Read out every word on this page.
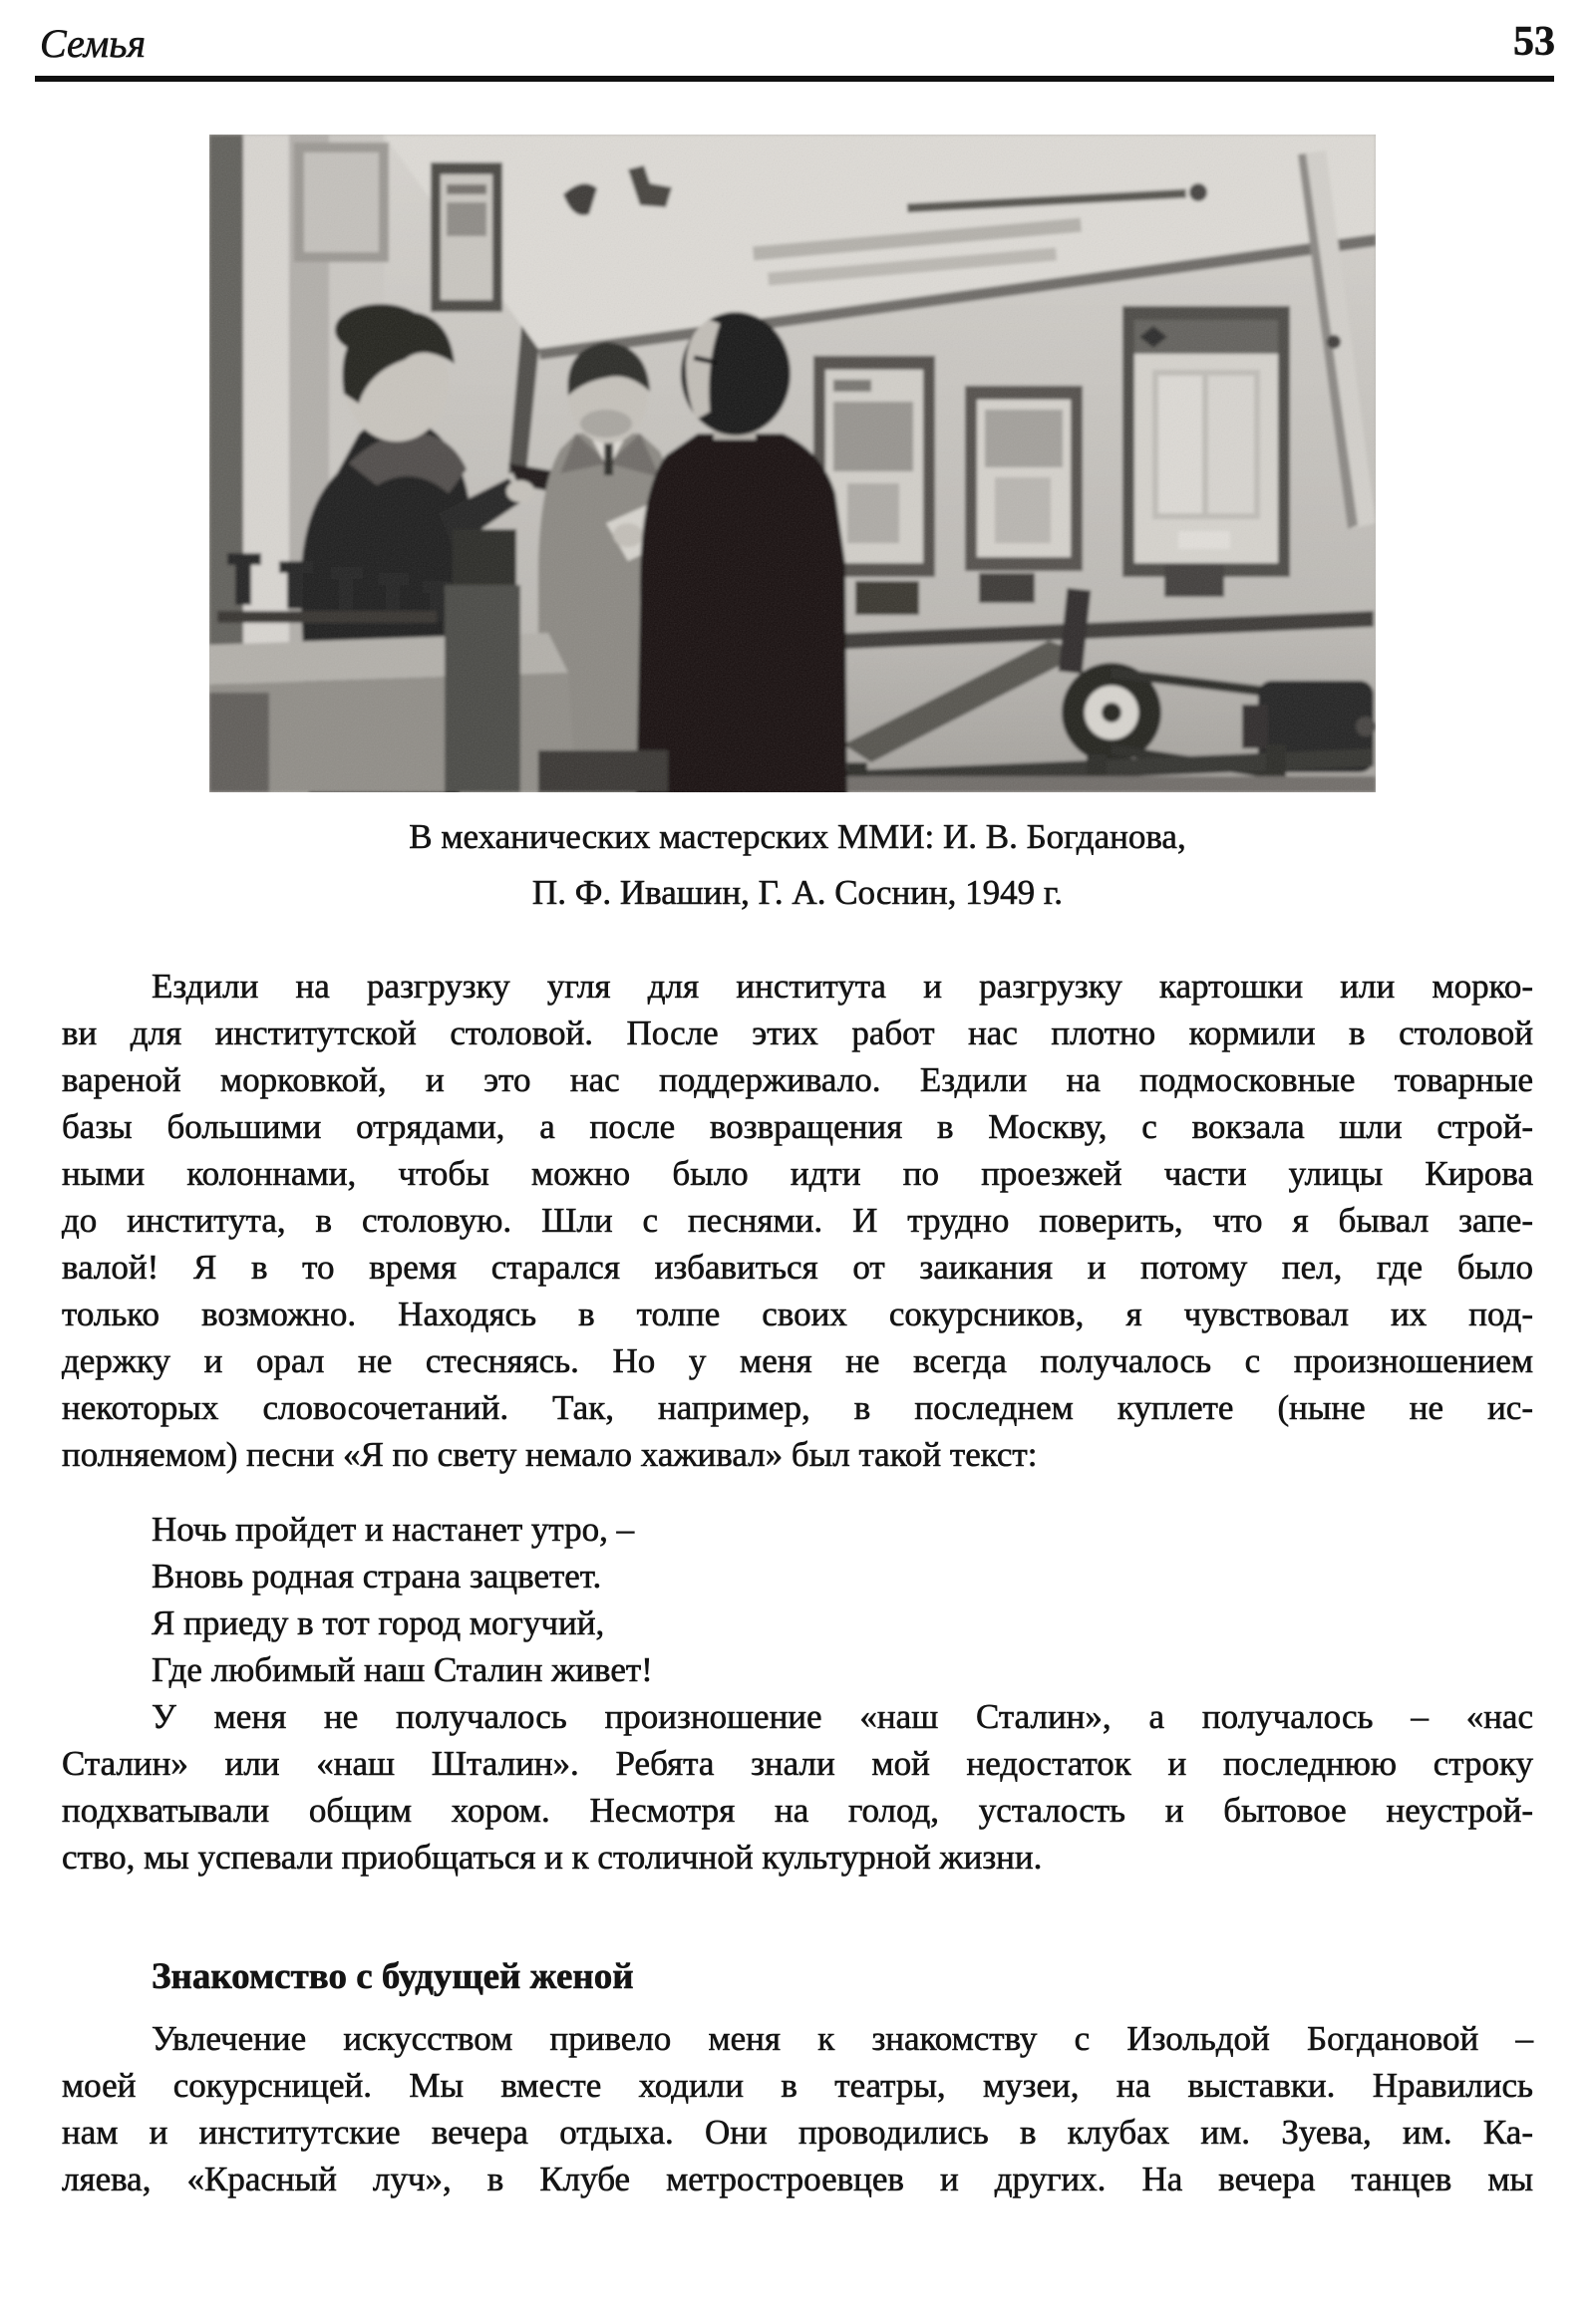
Семья	53
В механических мастерских ММИ: И. В. Богданова,
П. Ф. Ивашин, Г. А. Соснин, 1949 г.
Ездили на разгрузку угля для института и разгрузку картошки или морко-
ви для институтской столовой. После этих работ нас плотно кормили в столовой
вареной морковкой, и это нас поддерживало. Ездили на подмосковные товарные
базы большими отрядами, а после возвращения в Москву, с вокзала шли строй-
ными колоннами, чтобы можно было идти по проезжей части улицы Кирова
до института, в столовую. Шли с песнями. И трудно поверить, что я бывал запе-
валой! Я в то время старался избавиться от заикания и потому пел, где было
только возможно. Находясь в толпе своих сокурсников, я чувствовал их под-
держку и орал не стесняясь. Но у меня не всегда получалось с произношением
некоторых словосочетаний. Так, например, в последнем куплете (ныне не ис-
полняемом) песни «Я по свету немало хаживал» был такой текст:
Ночь пройдет и настанет утро, –
Вновь родная страна зацветет.
Я приеду в тот город могучий,
Где любимый наш Сталин живет!
У меня не получалось произношение «наш Сталин», а получалось – «нас
Сталин» или «наш Шталин». Ребята знали мой недостаток и последнюю строку
подхватывали общим хором. Несмотря на голод, усталость и бытовое неустрой-
ство, мы успевали приобщаться и к столичной культурной жизни.
Знакомство с будущей женой
Увлечение искусством привело меня к знакомству с Изольдой Богдановой –
моей сокурсницей. Мы вместе ходили в театры, музеи, на выставки. Нравились
нам и институтские вечера отдыха. Они проводились в клубах им. Зуева, им. Ка-
ляева, «Красный луч», в Клубе метростроевцев и других. На вечера танцев мы
